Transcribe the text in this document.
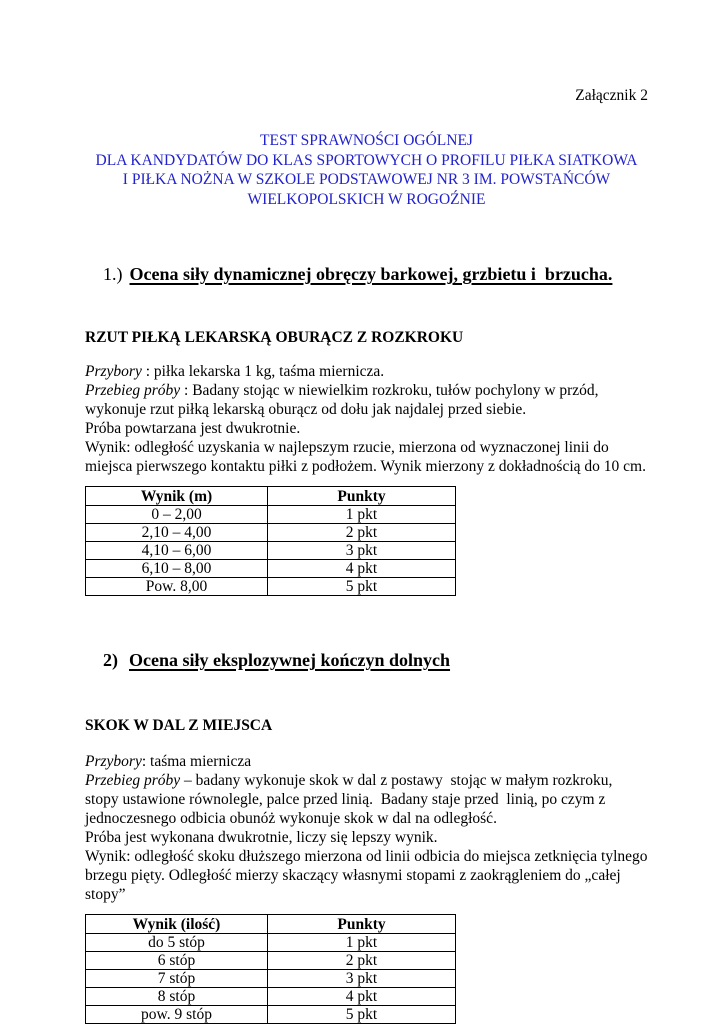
Załącznik 2
TEST SPRAWNOŚCI OGÓLNEJ
DLA KANDYDATÓW DO KLAS SPORTOWYCH O PROFILU PIŁKA SIATKOWA
I PIŁKA NOŻNA W SZKOLE PODSTAWOWEJ NR 3 IM. POWSTAŃCÓW
WIELKOPOLSKICH W ROGOŹNIE

1.) Ocena siły dynamicznej obręczy barkowej, grzbietu i  brzucha.

RZUT PIŁKĄ LEKARSKĄ OBURĄCZ Z ROZKROKU

Przybory : piłka lekarska 1 kg, taśma miernicza.

Przebieg próby : Badany stojąc w niewielkim rozkroku, tułów pochylony w przód,  wykonuje rzut piłką lekarską oburącz od dołu jak najdalej przed siebie.

Próba powtarzana jest dwukrotnie.

Wynik: odległość uzyskania w najlepszym rzucie, mierzona od wyznaczonej linii do miejsca pierwszego kontaktu piłki z podłożem. Wynik mierzony z dokładnością do 10 cm.

Wynik (m)	Punkty
0 – 2,00	1 pkt
2,10 – 4,00	2 pkt
4,10 – 6,00	3 pkt
6,10 – 8,00	4 pkt
Pow. 8,00	5 pkt

2) Ocena siły eksplozywnej kończyn dolnych

SKOK W DAL Z MIEJSCA

Przybory: taśma miernicza

Przebieg próby – badany wykonuje skok w dal z postawy  stojąc w małym rozkroku, stopy ustawione równolegle, palce przed linią.  Badany staje przed  linią, po czym z jednoczesnego odbicia obunóż wykonuje skok w dal na odległość.

Próba jest wykonana dwukrotnie, liczy się lepszy wynik.

Wynik: odległość skoku dłuższego mierzona od linii odbicia do miejsca zetknięcia tylnego brzegu pięty. Odległość mierzy skaczący własnymi stopami z zaokrągleniem do „całej stopy”

Wynik (ilość)	Punkty
do 5 stóp	1 pkt
6 stóp	2 pkt
7 stóp	3 pkt
8 stóp	4 pkt
pow. 9 stóp	5 pkt
